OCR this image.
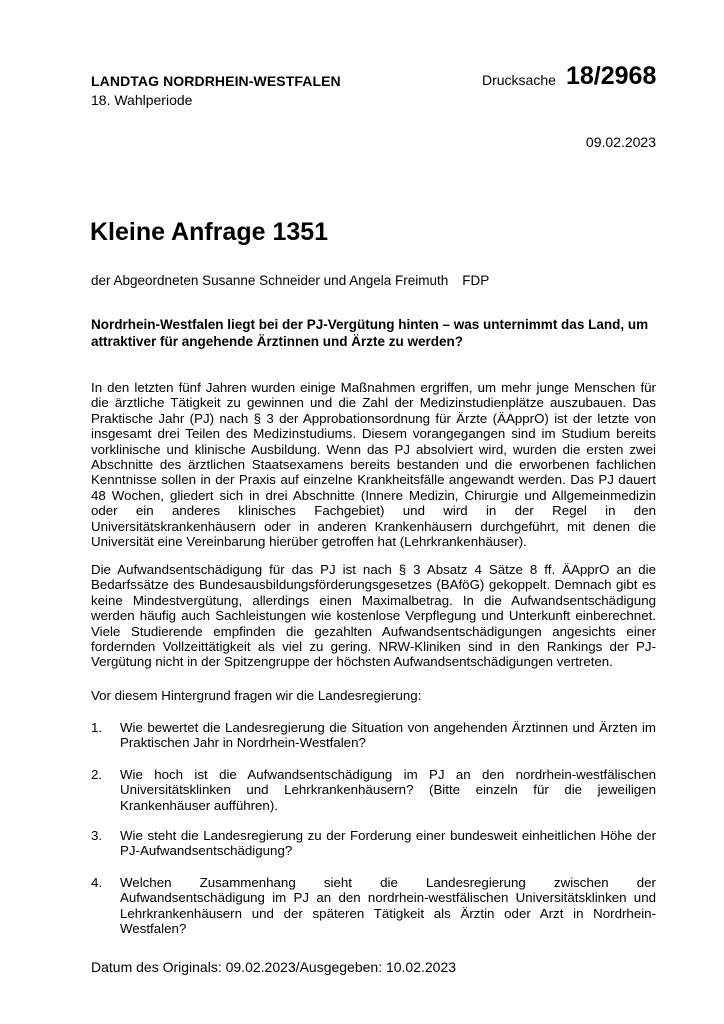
LANDTAG NORDRHEIN-WESTFALEN
18. Wahlperiode
Drucksache 18/2968
09.02.2023
Kleine Anfrage 1351
der Abgeordneten Susanne Schneider und Angela Freimuth FDP
Nordrhein-Westfalen liegt bei der PJ-Vergütung hinten – was unternimmt das Land, um attraktiver für angehende Ärztinnen und Ärzte zu werden?
In den letzten fünf Jahren wurden einige Maßnahmen ergriffen, um mehr junge Menschen für die ärztliche Tätigkeit zu gewinnen und die Zahl der Medizinstudienplätze auszubauen. Das Praktische Jahr (PJ) nach § 3 der Approbationsordnung für Ärzte (ÄApprO) ist der letzte von insgesamt drei Teilen des Medizinstudiums. Diesem vorangegangen sind im Studium bereits vorklinische und klinische Ausbildung. Wenn das PJ absolviert wird, wurden die ersten zwei Abschnitte des ärztlichen Staatsexamens bereits bestanden und die erworbenen fachlichen Kenntnisse sollen in der Praxis auf einzelne Krankheitsfälle angewandt werden. Das PJ dauert 48 Wochen, gliedert sich in drei Abschnitte (Innere Medizin, Chirurgie und Allgemeinmedizin oder ein anderes klinisches Fachgebiet) und wird in der Regel in den Universitätskrankenhäusern oder in anderen Krankenhäusern durchgeführt, mit denen die Universität eine Vereinbarung hierüber getroffen hat (Lehrkrankenhäuser).
Die Aufwandsentschädigung für das PJ ist nach § 3 Absatz 4 Sätze 8 ff. ÄApprO an die Bedarfssätze des Bundesausbildungsförderungsgesetzes (BAföG) gekoppelt. Demnach gibt es keine Mindestvergütung, allerdings einen Maximalbetrag. In die Aufwandsentschädigung werden häufig auch Sachleistungen wie kostenlose Verpflegung und Unterkunft einberechnet. Viele Studierende empfinden die gezahlten Aufwandsentschädigungen angesichts einer fordernden Vollzeittätigkeit als viel zu gering. NRW-Kliniken sind in den Rankings der PJ-Vergütung nicht in der Spitzengruppe der höchsten Aufwandsentschädigungen vertreten.
Vor diesem Hintergrund fragen wir die Landesregierung:
1. Wie bewertet die Landesregierung die Situation von angehenden Ärztinnen und Ärzten im Praktischen Jahr in Nordrhein-Westfalen?
2. Wie hoch ist die Aufwandsentschädigung im PJ an den nordrhein-westfälischen Universitätsklinken und Lehrkrankenhäusern? (Bitte einzeln für die jeweiligen Krankenhäuser aufführen).
3. Wie steht die Landesregierung zu der Forderung einer bundesweit einheitlichen Höhe der PJ-Aufwandsentschädigung?
4. Welchen Zusammenhang sieht die Landesregierung zwischen der Aufwandsentschädigung im PJ an den nordrhein-westfälischen Universitätsklinken und Lehrkrankenhäusern und der späteren Tätigkeit als Ärztin oder Arzt in Nordrhein-Westfalen?
Datum des Originals: 09.02.2023/Ausgegeben: 10.02.2023
